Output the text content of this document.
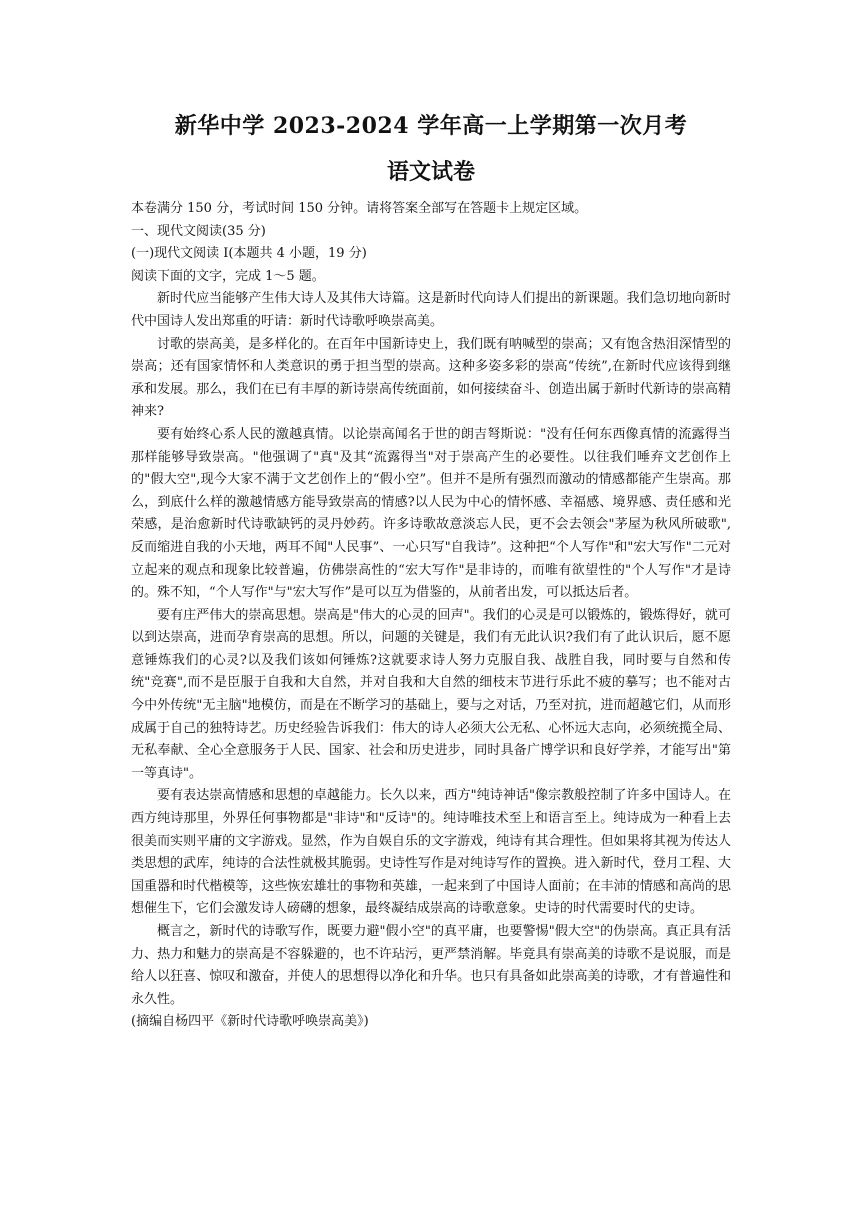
新华中学 2023-2024 学年高一上学期第一次月考
语文试卷

本卷满分 150 分，考试时间 150 分钟。请将答案全部写在答题卡上规定区域。

一、现代文阅读(35 分)

(一)现代文阅读 I(本题共 4 小题，19 分)

阅读下面的文字，完成 1～5 题。

新时代应当能够产生伟大诗人及其伟大诗篇。这是新时代向诗人们提出的新课题。我们急切地向新时代中国诗人发出郑重的吁请：新时代诗歌呼唤崇高美。

讨歌的崇高美，是多样化的。在百年中国新诗史上，我们既有呐喊型的崇高；又有饱含热泪深情型的崇高；还有国家情怀和人类意识的勇于担当型的崇高。这种多姿多彩的崇高“传统”,在新时代应该得到继承和发展。那么，我们在已有丰厚的新诗崇高传统面前，如何接续奋斗、创造出属于新时代新诗的崇高精神来?

要有始终心系人民的激越真情。以论崇高闻名于世的朗吉弩斯说："没有任何东西像真情的流露得当那样能够导致崇高。"他强调了"真"及其“流露得当"对于崇高产生的必要性。以往我们唾弃文艺创作上的"假大空",现今大家不满于文艺创作上的“假小空”。但并不是所有强烈而激动的情感都能产生崇高。那么，到底什么样的激越情感方能导致崇高的情感?以人民为中心的情怀感、幸福感、境界感、责任感和光荣感，是治愈新时代诗歌缺钙的灵丹妙药。许多诗歌故意淡忘人民，更不会去领会"茅屋为秋风所破歌",反而缩进自我的小天地，两耳不闻"人民事”、一心只写"自我诗”。这种把“个人写作"和"宏大写作"二元对立起来的观点和现象比较普遍，仿佛崇高性的“宏大写作"是非诗的，而唯有欲望性的"个人写作"才是诗的。殊不知，“个人写作"与"宏大写作”是可以互为借鉴的，从前者出发，可以抵达后者。

要有庄严伟大的崇高思想。崇高是"伟大的心灵的回声"。我们的心灵是可以锻炼的，锻炼得好，就可以到达崇高，进而孕育崇高的思想。所以，问题的关键是，我们有无此认识?我们有了此认识后，愿不愿意锤炼我们的心灵?以及我们该如何锤炼?这就要求诗人努力克服自我、战胜自我，同时要与自然和传统"竞赛",而不是臣服于自我和大自然，并对自我和大自然的细枝末节进行乐此不疲的摹写；也不能对古今中外传统"无主脑"地模仿，而是在不断学习的基础上，要与之对话，乃至对抗，进而超越它们，从而形成属于自己的独特诗艺。历史经验告诉我们：伟大的诗人必须大公无私、心怀远大志向，必须统揽全局、无私奉献、全心全意服务于人民、国家、社会和历史进步，同时具备广博学识和良好学养，才能写出"第一等真诗"。

要有表达崇高情感和思想的卓越能力。长久以来，西方"纯诗神话"像宗教般控制了许多中国诗人。在西方纯诗那里，外界任何事物都是"非诗"和"反诗"的。纯诗唯技术至上和语言至上。纯诗成为一种看上去很美而实则平庸的文字游戏。显然，作为自娱自乐的文字游戏，纯诗有其合理性。但如果将其视为传达人类思想的武库，纯诗的合法性就极其脆弱。史诗性写作是对纯诗写作的置换。进入新时代，登月工程、大国重器和时代楷模等，这些恢宏雄壮的事物和英雄，一起来到了中国诗人面前；在丰沛的情感和高尚的思想催生下，它们会激发诗人磅礴的想象，最终凝结成崇高的诗歌意象。史诗的时代需要时代的史诗。

概言之，新时代的诗歌写作，既要力避"假小空"的真平庸，也要警惕"假大空"的伪崇高。真正具有活力、热力和魅力的崇高是不容躲避的，也不许玷污，更严禁消解。毕竟具有崇高美的诗歌不是说服，而是给人以狂喜、惊叹和激奋，并使人的思想得以净化和升华。也只有具备如此崇高美的诗歌，才有普遍性和永久性。

(摘编自杨四平《新时代诗歌呼唤崇高美》)
